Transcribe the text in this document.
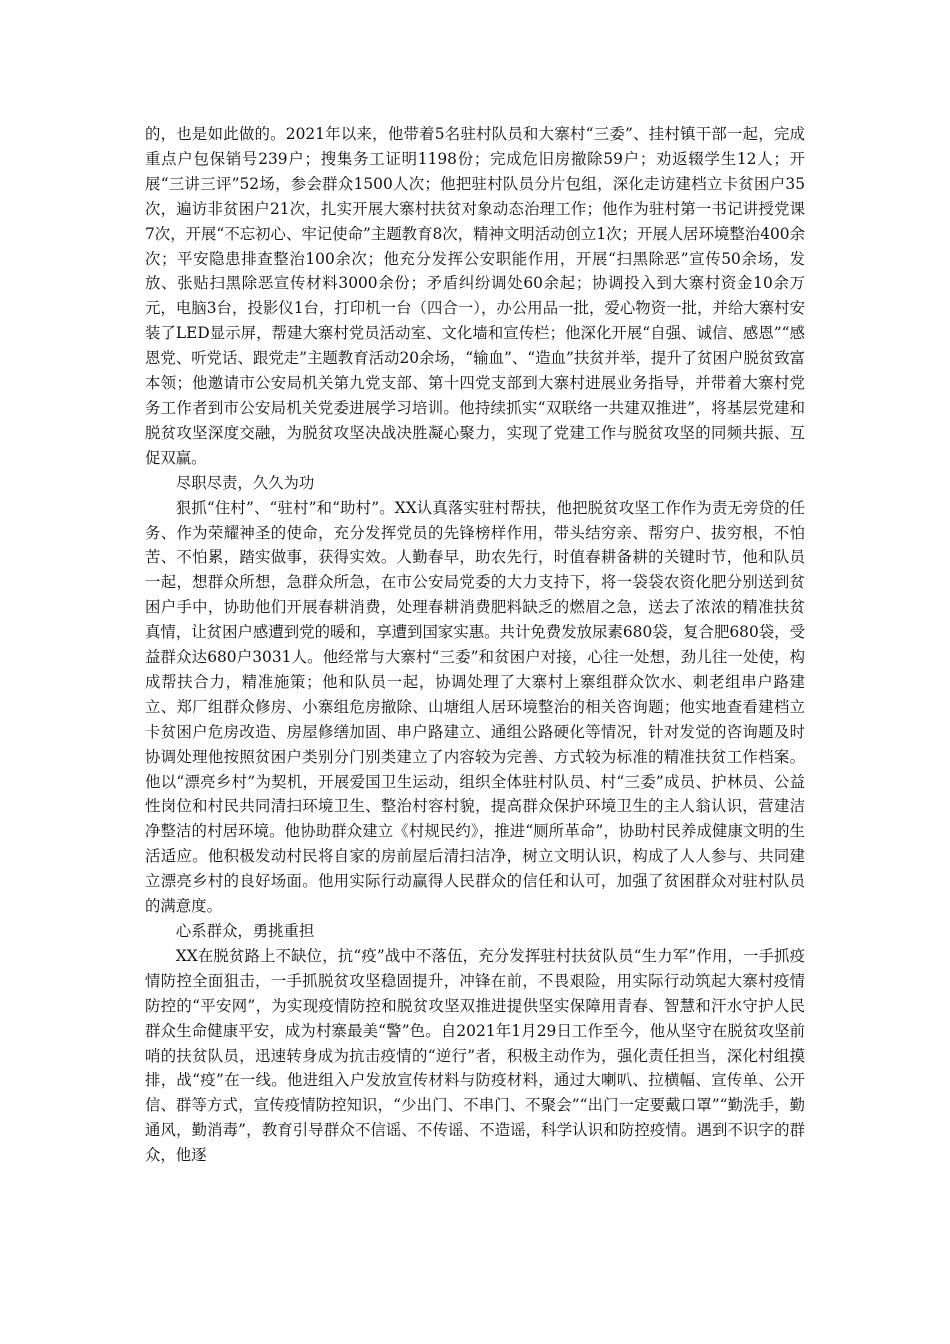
的，也是如此做的。2021年以来，他带着5名驻村队员和大寨村“三委”、挂村镇干部一起，完成重点户包保销号239户；搜集务工证明1198份；完成危旧房撤除59户；劝返辍学生12人；开展“三讲三评”52场，参会群众1500人次；他把驻村队员分片包组，深化走访建档立卡贫困户35次，遍访非贫困户21次，扎实开展大寨村扶贫对象动态治理工作；他作为驻村第一书记讲授党课7次，开展“不忘初心、牢记使命”主题教育8次，精神文明活动创立1次；开展人居环境整治400余次；平安隐患排查整治100余次；他充分发挥公安职能作用，开展“扫黑除恶”宣传50余场，发放、张贴扫黑除恶宣传材料3000余份；矛盾纠纷调处60余起；协调投入到大寨村资金10余万元，电脑3台，投影仪1台，打印机一台（四合一），办公用品一批，爱心物资一批，并给大寨村安装了LED显示屏，帮建大寨村党员活动室、文化墙和宣传栏；他深化开展“自强、诚信、感恩”“感恩党、听党话、跟党走”主题教育活动20余场，“输血”、“造血”扶贫并举，提升了贫困户脱贫致富本领；他邀请市公安局机关第九党支部、第十四党支部到大寨村进展业务指导，并带着大寨村党务工作者到市公安局机关党委进展学习培训。他持续抓实“双联络一共建双推进”，将基层党建和脱贫攻坚深度交融，为脱贫攻坚决战决胜凝心聚力，实现了党建工作与脱贫攻坚的同频共振、互促双赢。

尽职尽责，久久为功

狠抓“住村”、“驻村”和“助村”。XX认真落实驻村帮扶，他把脱贫攻坚工作作为责无旁贷的任务、作为荣耀神圣的使命，充分发挥党员的先锋榜样作用，带头结穷亲、帮穷户、拔穷根，不怕苦、不怕累，踏实做事，获得实效。人勤春早，助农先行，时值春耕备耕的关键时节，他和队员一起，想群众所想，急群众所急，在市公安局党委的大力支持下，将一袋袋农资化肥分别送到贫困户手中，协助他们开展春耕消费，处理春耕消费肥料缺乏的燃眉之急，送去了浓浓的精准扶贫真情，让贫困户感遭到党的暖和，享遭到国家实惠。共计免费发放尿素680袋，复合肥680袋，受益群众达680户3031人。他经常与大寨村“三委”和贫困户对接，心往一处想，劲儿往一处使，构成帮扶合力，精准施策；他和队员一起，协调处理了大寨村上寨组群众饮水、刺老组串户路建立、郑厂组群众修房、小寨组危房撤除、山塘组人居环境整治的相关咨询题；他实地查看建档立卡贫困户危房改造、房屋修缮加固、串户路建立、通组公路硬化等情况，针对发觉的咨询题及时协调处理他按照贫困户类别分门别类建立了内容较为完善、方式较为标准的精准扶贫工作档案。他以“漂亮乡村”为契机，开展爱国卫生运动，组织全体驻村队员、村“三委”成员、护林员、公益性岗位和村民共同清扫环境卫生、整治村容村貌，提高群众保护环境卫生的主人翁认识，营建洁净整洁的村居环境。他协助群众建立《村规民约》，推进“厕所革命”，协助村民养成健康文明的生活适应。他积极发动村民将自家的房前屋后清扫洁净，树立文明认识，构成了人人参与、共同建立漂亮乡村的良好场面。他用实际行动赢得人民群众的信任和认可，加强了贫困群众对驻村队员的满意度。

心系群众，勇挑重担

XX在脱贫路上不缺位，抗“疫”战中不落伍，充分发挥驻村扶贫队员“生力军”作用，一手抓疫情防控全面狙击，一手抓脱贫攻坚稳固提升，冲锋在前，不畏艰险，用实际行动筑起大寨村疫情防控的“平安网”，为实现疫情防控和脱贫攻坚双推进提供坚实保障用青春、智慧和汗水守护人民群众生命健康平安，成为村寨最美“警”色。自2021年1月29日工作至今，他从坚守在脱贫攻坚前哨的扶贫队员，迅速转身成为抗击疫情的“逆行”者，积极主动作为，强化责任担当，深化村组摸排，战“疫”在一线。他进组入户发放宣传材料与防疫材料，通过大喇叭、拉横幅、宣传单、公开信、群等方式，宣传疫情防控知识，“少出门、不串门、不聚会”“出门一定要戴口罩”“勤洗手，勤通风，勤消毒”，教育引导群众不信谣、不传谣、不造谣，科学认识和防控疫情。遇到不识字的群众，他逐
